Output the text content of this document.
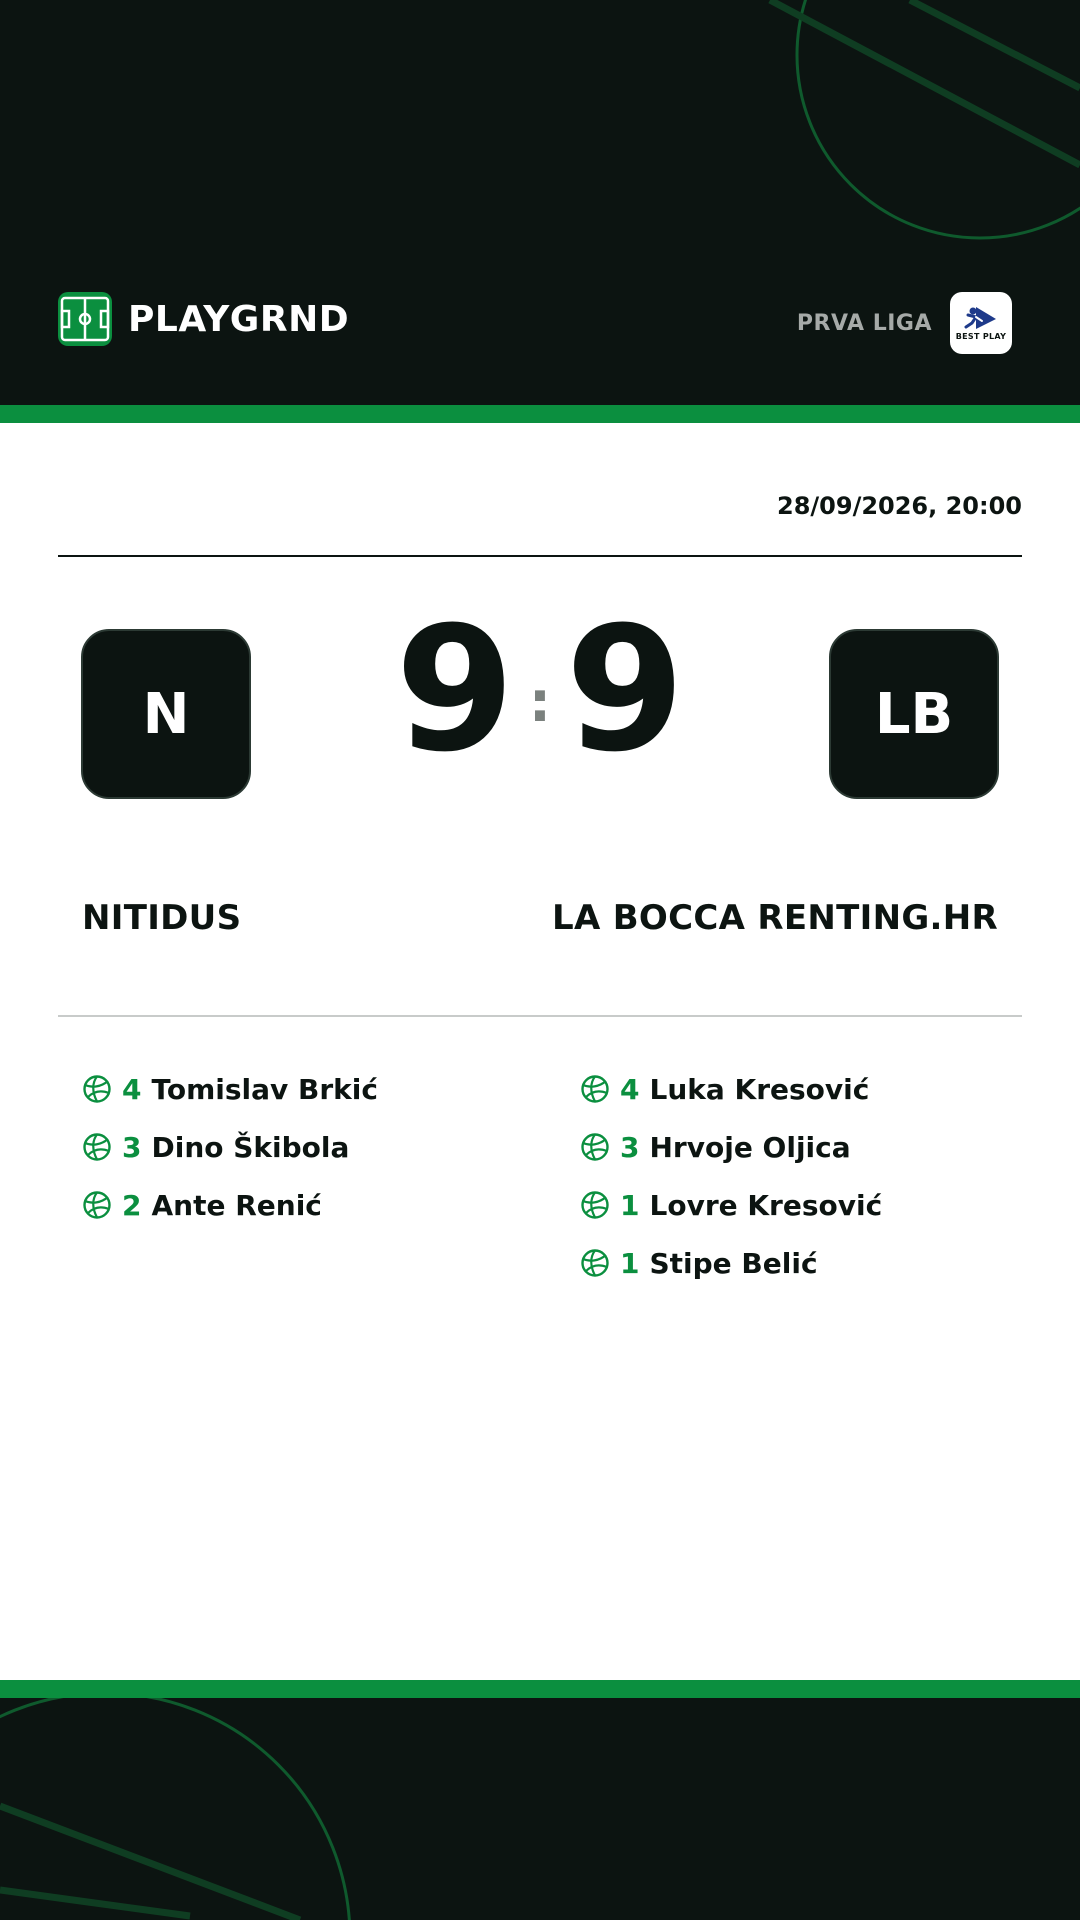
PLAYGRND	PRVA LIGA
BEST PLAY
28/09/2026, 20:00
N	9 : 9	LB
NITIDUS	LA BOCCA RENTING.HR
4 Tomislav Brkić
3 Dino Škibola
2 Ante Renić
4 Luka Kresović
3 Hrvoje Oljica
1 Lovre Kresović
1 Stipe Belić
